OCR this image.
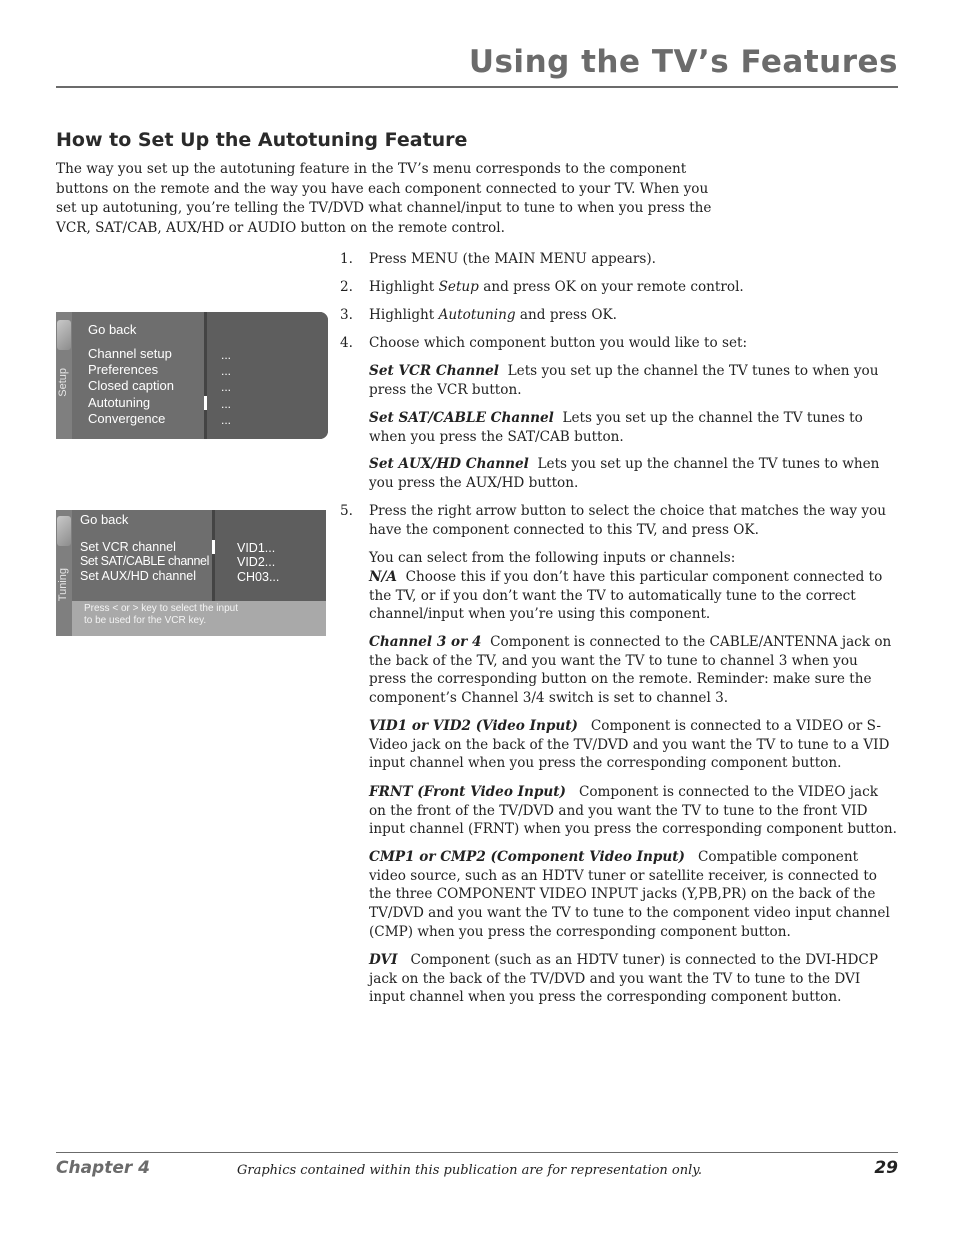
Using the TV’s Features
How to Set Up the Autotuning Feature
The way you set up the autotuning feature in the TV’s menu corresponds to the component buttons on the remote and the way you have each component connected to your TV. When you set up autotuning, you’re telling the TV/DVD what channel/input to tune to when you press the VCR, SAT/CAB, AUX/HD or AUDIO button on the remote control.
Setup
Go back
Channel setup
Preferences
Closed caption
Autotuning
Convergence
...
...
...
...
...
Tuning
Go back
Set VCR channel
Set SAT/CABLE channel
Set AUX/HD channel
VID1...
VID2...
CH03...
Press < or > key to select the input
to be used for the VCR key.
1. Press MENU (the MAIN MENU appears).
2. Highlight Setup and press OK on your remote control.
3. Highlight Autotuning and press OK.
4. Choose which component button you would like to set:
Set VCR Channel Lets you set up the channel the TV tunes to when you press the VCR button.
Set SAT/CABLE Channel Lets you set up the channel the TV tunes to when you press the SAT/CAB button.
Set AUX/HD Channel Lets you set up the channel the TV tunes to when you press the AUX/HD button.
5. Press the right arrow button to select the choice that matches the way you have the component connected to this TV, and press OK.
You can select from the following inputs or channels:
N/A Choose this if you don’t have this particular component connected to the TV, or if you don’t want the TV to automatically tune to the correct channel/input when you’re using this component.
Channel 3 or 4 Component is connected to the CABLE/ANTENNA jack on the back of the TV, and you want the TV to tune to channel 3 when you press the corresponding button on the remote. Reminder: make sure the component’s Channel 3/4 switch is set to channel 3.
VID1 or VID2 (Video Input) Component is connected to a VIDEO or S-Video jack on the back of the TV/DVD and you want the TV to tune to a VID input channel when you press the corresponding component button.
FRNT (Front Video Input) Component is connected to the VIDEO jack on the front of the TV/DVD and you want the TV to tune to the front VID input channel (FRNT) when you press the corresponding component button.
CMP1 or CMP2 (Component Video Input) Compatible component video source, such as an HDTV tuner or satellite receiver, is connected to the three COMPONENT VIDEO INPUT jacks (Y,PB,PR) on the back of the TV/DVD and you want the TV to tune to the component video input channel (CMP) when you press the corresponding component button.
DVI Component (such as an HDTV tuner) is connected to the DVI-HDCP jack on the back of the TV/DVD and you want the TV to tune to the DVI input channel when you press the corresponding component button.
Chapter 4	Graphics contained within this publication are for representation only.	29
